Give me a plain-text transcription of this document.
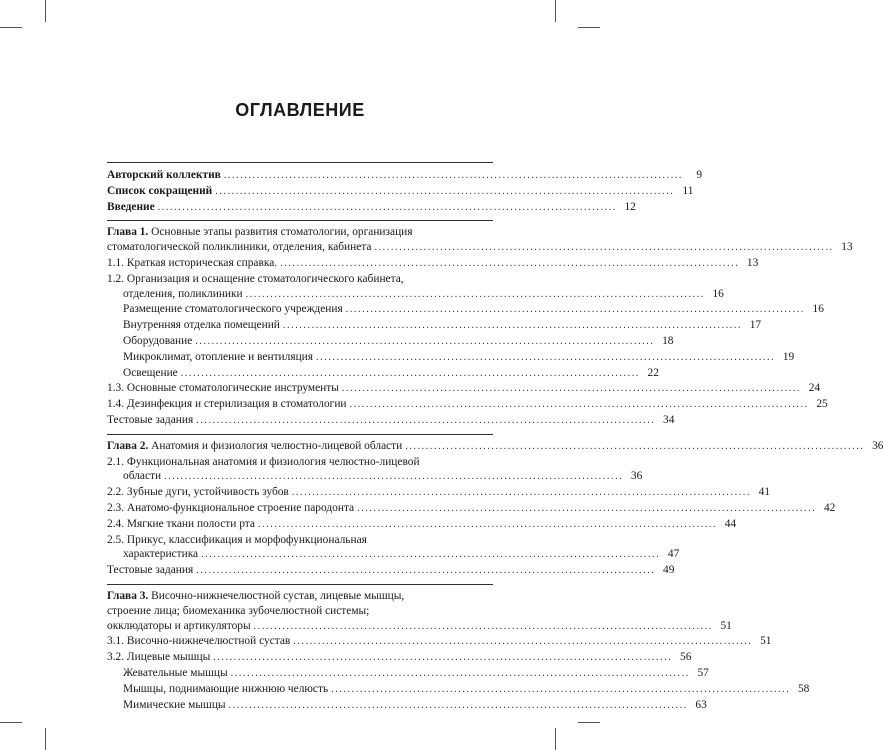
ОГЛАВЛЕНИЕ
Авторский коллектив ................................................................................................................	9
Список сокращений ................................................................................................................ 11
Введение ................................................................................................................ 12
Глава 1. Основные этапы развития стоматологии, организация
стоматологической поликлиники, отделения, кабинета ................................................................................................................ 13
1.1. Краткая историческая справка. ................................................................................................................ 13
1.2. Организация и оснащение стоматологического кабинета,
отделения, поликлиники ................................................................................................................ 16
Размещение стоматологического учреждения ................................................................................................................ 16
Внутренняя отделка помещений ................................................................................................................ 17
Оборудование ................................................................................................................ 18
Микроклимат, отопление и вентиляция ................................................................................................................ 19
Освещение ................................................................................................................ 22
1.3. Основные стоматологические инструменты ................................................................................................................ 24
1.4. Дезинфекция и стерилизация в стоматологии ................................................................................................................ 25
Тестовые задания ................................................................................................................ 34
Глава 2. Анатомия и физиология челюстно-лицевой области ................................................................................................................ 36
2.1. Функциональная анатомия и физиология челюстно-лицевой
области ................................................................................................................ 36
2.2. Зубные дуги, устойчивость зубов ................................................................................................................ 41
2.3. Анатомо-функциональное строение пародонта ................................................................................................................ 42
2.4. Мягкие ткани полости рта ................................................................................................................ 44
2.5. Прикус, классификация и морфофункциональная
характеристика ................................................................................................................ 47
Тестовые задания ................................................................................................................ 49
Глава 3. Височно-нижнечелюстной сустав, лицевые мышцы,
строение лица; биомеханика зубочелюстной системы;
окклюдаторы и артикуляторы ................................................................................................................ 51
3.1. Височно-нижнечелюстной сустав ................................................................................................................ 51
3.2. Лицевые мышцы ................................................................................................................ 56
Жевательные мышцы ................................................................................................................ 57
Мышцы, поднимающие нижнюю челюсть ................................................................................................................ 58
Мимические мышцы ................................................................................................................ 63
